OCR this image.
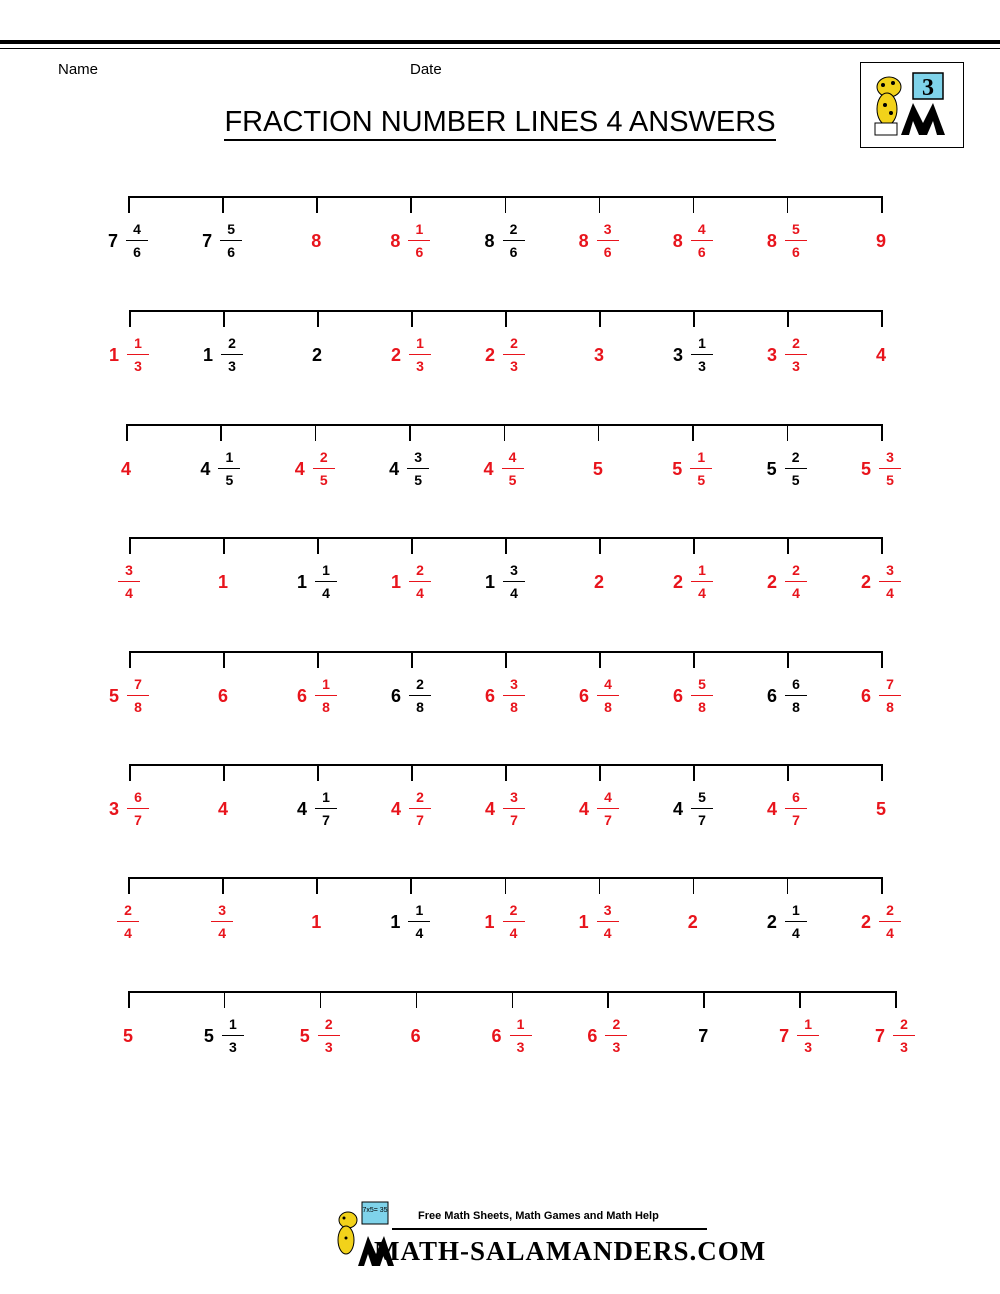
Name	Date
FRACTION NUMBER LINES 4 ANSWERS
3
$7 \frac{4}{6}$	$7 \frac{5}{6}$	8	$8 \frac{1}{6}$	$8 \frac{2}{6}$	$8 \frac{3}{6}$	$8 \frac{4}{6}$	$8 \frac{5}{6}$	9
$1 \frac{1}{3}$	$1 \frac{2}{3}$	2	$2 \frac{1}{3}$	$2 \frac{2}{3}$	3	$3 \frac{1}{3}$	$3 \frac{2}{3}$	4
4	$4 \frac{1}{5}$	$4 \frac{2}{5}$	$4 \frac{3}{5}$	$4 \frac{4}{5}$	5	$5 \frac{1}{5}$	$5 \frac{2}{5}$	$5 \frac{3}{5}$
$\frac{3}{4}$	1	$1 \frac{1}{4}$	$1 \frac{2}{4}$	$1 \frac{3}{4}$	2	$2 \frac{1}{4}$	$2 \frac{2}{4}$	$2 \frac{3}{4}$
$5 \frac{7}{8}$	6	$6 \frac{1}{8}$	$6 \frac{2}{8}$	$6 \frac{3}{8}$	$6 \frac{4}{8}$	$6 \frac{5}{8}$	$6 \frac{6}{8}$	$6 \frac{7}{8}$
$3 \frac{6}{7}$	4	$4 \frac{1}{7}$	$4 \frac{2}{7}$	$4 \frac{3}{7}$	$4 \frac{4}{7}$	$4 \frac{5}{7}$	$4 \frac{6}{7}$	5
$\frac{2}{4}$	$\frac{3}{4}$	1	$1 \frac{1}{4}$	$1 \frac{2}{4}$	$1 \frac{3}{4}$	2	$2 \frac{1}{4}$	$2 \frac{2}{4}$
5	$5 \frac{1}{3}$	$5 \frac{2}{3}$	6	$6 \frac{1}{3}$	$6 \frac{2}{3}$	7	$7 \frac{1}{3}$	$7 \frac{2}{3}$
7x5= 35	Free Math Sheets, Math Games and Math Help
MATH-SALAMANDERS.COM
